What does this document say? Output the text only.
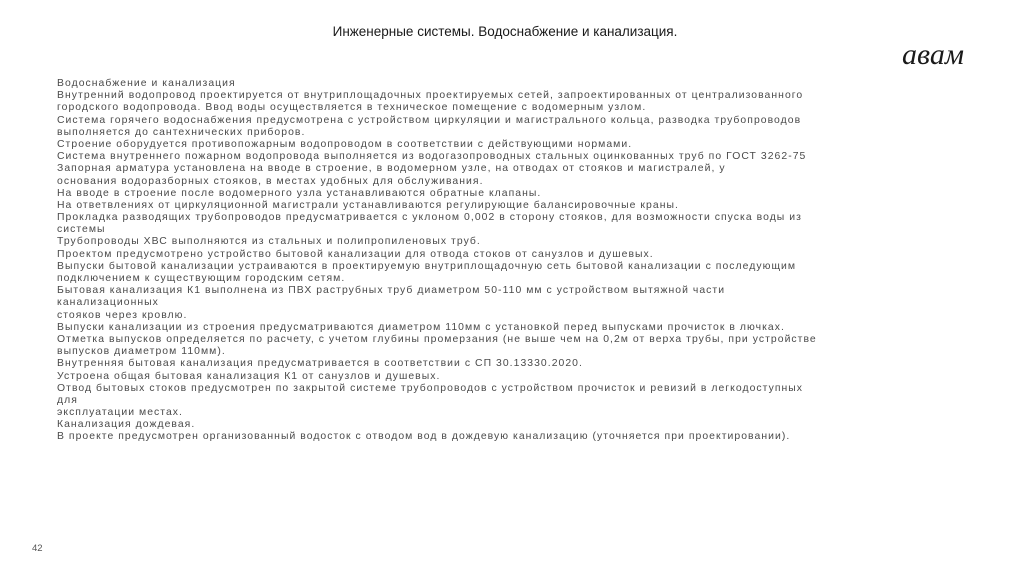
Инженерные системы. Водоснабжение и канализация.
авам
Водоснабжение и канализация
Внутренний водопровод проектируется от внутриплощадочных проектируемых сетей, запроектированных от централизованного
городского водопровода. Ввод воды осуществляется в техническое помещение с водомерным узлом.
Система горячего водоснабжения предусмотрена с устройством циркуляции и магистрального кольца, разводка трубопроводов
выполняется до сантехнических приборов.
Строение оборудуется противопожарным водопроводом в соответствии с действующими нормами.
Система внутреннего пожарном водопровода выполняется из водогазопроводных стальных оцинкованных труб по ГОСТ 3262-75
Запорная арматура установлена на вводе в строение, в водомерном узле, на отводах от стояков и магистралей, у
основания водоразборных стояков, в местах удобных для обслуживания.
На вводе в строение после водомерного узла устанавливаются обратные клапаны.
На ответвлениях от циркуляционной магистрали устанавливаются регулирующие балансировочные краны.
Прокладка разводящих трубопроводов предусматривается с уклоном 0,002 в сторону стояков, для возможности спуска воды из
системы
Трубопроводы ХВС выполняются из стальных и полипропиленовых труб.
Проектом предусмотрено устройство бытовой канализации для отвода стоков от санузлов и душевых.
Выпуски бытовой канализации устраиваются в проектируемую внутриплощадочную сеть бытовой канализации с последующим
подключением к существующим городским сетям.
Бытовая канализация К1 выполнена из ПВХ раструбных труб диаметром 50-110 мм с устройством вытяжной части
канализационных
стояков через кровлю.
Выпуски канализации из строения предусматриваются диаметром 110мм с установкой перед выпусками прочисток в лючках.
Отметка выпусков определяется по расчету, с учетом глубины промерзания (не выше чем на 0,2м от верха трубы, при устройстве
выпусков диаметром 110мм).
Внутренняя бытовая канализация предусматривается в соответствии с СП 30.13330.2020.
Устроена общая бытовая канализация К1 от санузлов и душевых.
Отвод бытовых стоков предусмотрен по закрытой системе трубопроводов с устройством прочисток и ревизий в легкодоступных
для
эксплуатации местах.
Канализация дождевая.
В проекте предусмотрен организованный водосток с отводом вод в дождевую канализацию (уточняется при проектировании).
42
